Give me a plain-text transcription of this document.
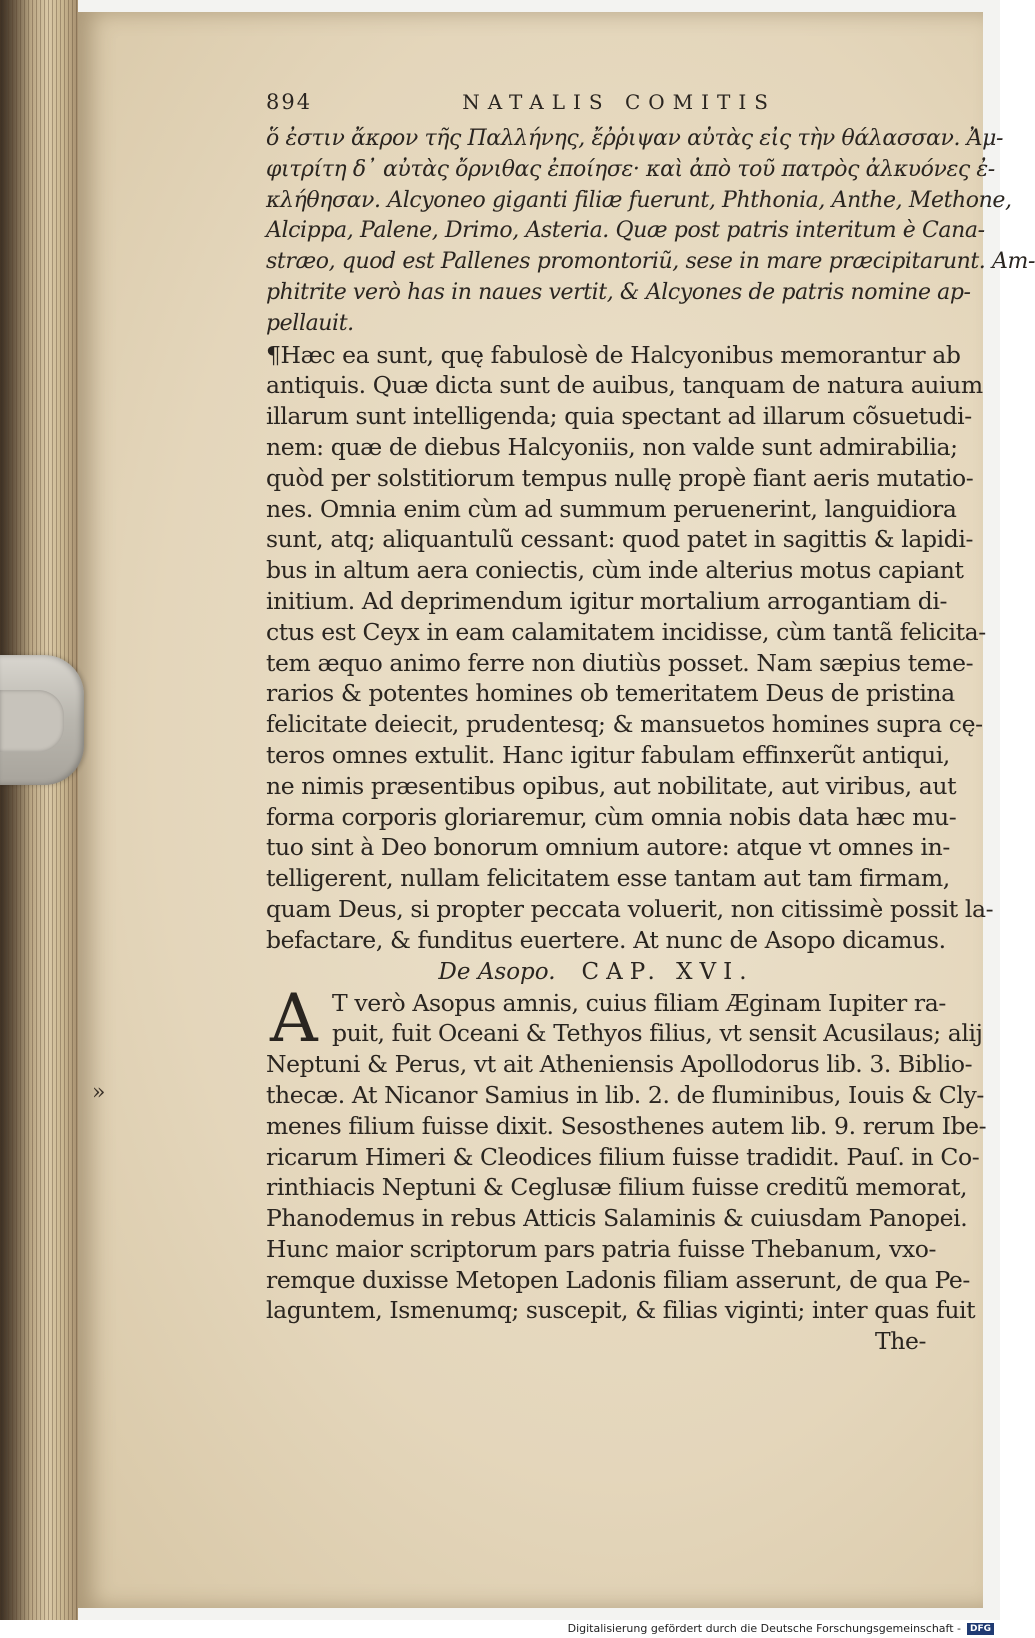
»
894	NATALIS COMITIS
ὅ ἐστιν ἄκρον τῆς Παλλήνης, ἔῤῥιψαν αὐτὰς εἰς τὴν θάλασσαν. Ἀμ-
φιτρίτη δ᾽ αὐτὰς ὄρνιθας ἐποίησε· καὶ ἀπὸ τοῦ πατρὸς ἀλκυόνες ἐ-
κλήθησαν. Alcyoneo giganti filiæ fuerunt, Phthonia, Anthe, Methone,
Alcippa, Palene, Drimo, Asteria. Quæ post patris interitum è Cana-
stræo, quod est Pallenes promontoriũ, sese in mare præcipitarunt. Am-
phitrite verò has in naues vertit, & Alcyones de patris nomine ap-
pellauit.
¶Hæc ea sunt, quę fabulosè de Halcyonibus memorantur ab
antiquis. Quæ dicta sunt de auibus, tanquam de natura auium
illarum sunt intelligenda; quia spectant ad illarum cõsuetudi-
nem: quæ de diebus Halcyoniis, non valde sunt admirabilia;
quòd per solstitiorum tempus nullę propè fiant aeris mutatio-
nes. Omnia enim cùm ad summum peruenerint, languidiora
sunt, atq; aliquantulũ cessant: quod patet in sagittis & lapidi-
bus in altum aera coniectis, cùm inde alterius motus capiant
initium. Ad deprimendum igitur mortalium arrogantiam di-
ctus est Ceyx in eam calamitatem incidisse, cùm tantã felicita-
tem æquo animo ferre non diutiùs posset. Nam sæpius teme-
rarios & potentes homines ob temeritatem Deus de pristina
felicitate deiecit, prudentesq; & mansuetos homines supra cę-
teros omnes extulit. Hanc igitur fabulam effinxerũt antiqui,
ne nimis præsentibus opibus, aut nobilitate, aut viribus, aut
forma corporis gloriaremur, cùm omnia nobis data hæc mu-
tuo sint à Deo bonorum omnium autore: atque vt omnes in-
telligerent, nullam felicitatem esse tantam aut tam firmam,
quam Deus, si propter peccata voluerit, non citissimè possit la-
befactare, & funditus euertere. At nunc de Asopo dicamus.
De Asopo. CAP. XVI.
A T verò Asopus amnis, cuius filiam Æginam Iupiter ra-
puit, fuit Oceani & Tethyos filius, vt sensit Acusilaus; alij
Neptuni & Perus, vt ait Atheniensis Apollodorus lib. 3. Biblio-
thecæ. At Nicanor Samius in lib. 2. de fluminibus, Iouis & Cly-
menes filium fuisse dixit. Sesosthenes autem lib. 9. rerum Ibe-
ricarum Himeri & Cleodices filium fuisse tradidit. Pauſ. in Co-
rinthiacis Neptuni & Ceglusæ filium fuisse creditũ memorat,
Phanodemus in rebus Atticis Salaminis & cuiusdam Panopei.
Hunc maior scriptorum pars patria fuisse Thebanum, vxo-
remque duxisse Metopen Ladonis filiam asserunt, de qua Pe-
laguntem, Ismenumq; suscepit, & filias viginti; inter quas fuit
The-
Digitalisierung gefördert durch die Deutsche Forschungsgemeinschaft - DFG
